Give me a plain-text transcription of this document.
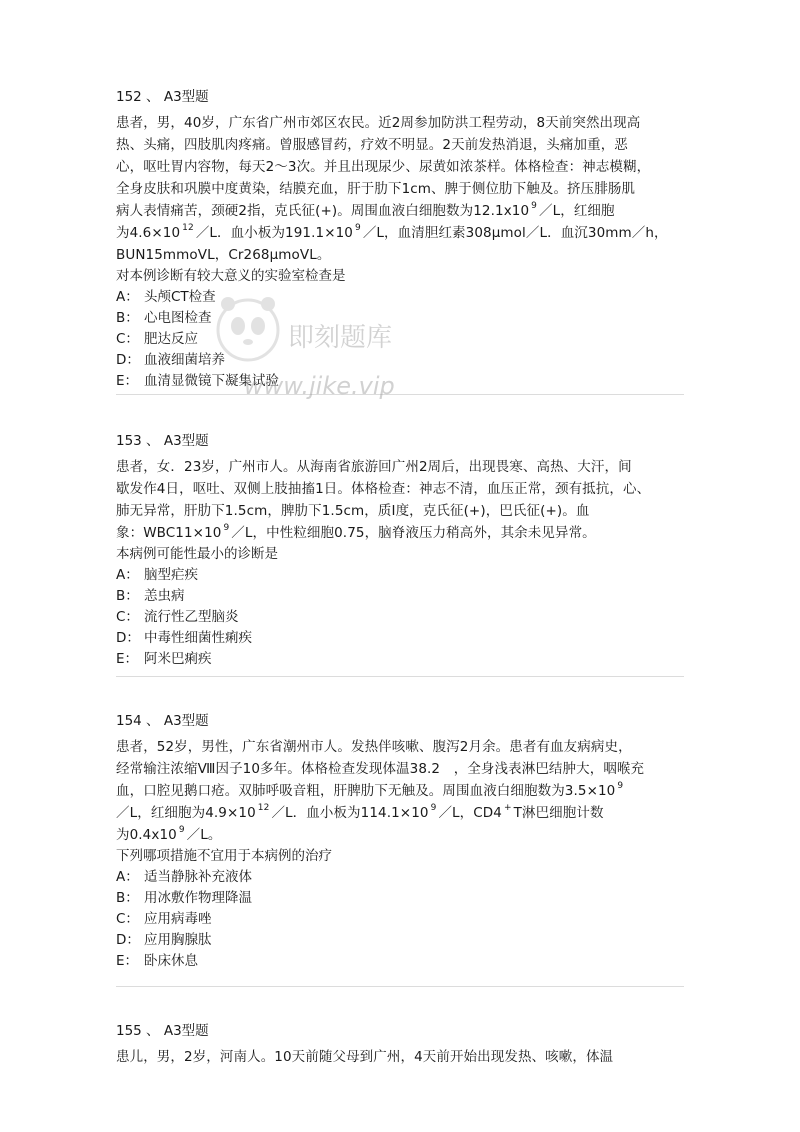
152 、 A3型题
患者，男，40岁，广东省广州市郊区农民。近2周参加防洪工程劳动，8天前突然出现高
热、头痛，四肢肌肉疼痛。曾服感冒药，疗效不明显。2天前发热消退，头痛加重，恶
心，呕吐胃内容物，每天2～3次。并且出现尿少、尿黄如浓茶样。体格检查：神志模糊，
全身皮肤和巩膜中度黄染，结膜充血，肝于肋下1cm、脾于侧位肋下触及。挤压腓肠肌
病人表情痛苦，颈硬2指，克氏征(+)。周围血液白细胞数为12.1x10 $^9$ ／L，红细胞
为4.6×10 $^{12}$ ／L．血小板为191.1×10 $^9$ ／L，血清胆红素308μmol／L．血沉30mm／h，
BUN15mmoVL，Cr268μmoVL。
对本例诊断有较大意义的实验室检查是
A： 头颅CT检查
B： 心电图检查
C： 肥达反应
D： 血液细菌培养
E： 血清显微镜下凝集试验
153 、 A3型题
患者，女．23岁，广州市人。从海南省旅游回广州2周后，出现畏寒、高热、大汗，间
歇发作4日，呕吐、双侧上肢抽搐1日。体格检查：神志不清，血压正常，颈有抵抗，心、
肺无异常，肝肋下1.5cm，脾肋下1.5cm，质I度，克氏征(+)，巴氏征(+)。血
象：WBC11×10 $^9$ ／L，中性粒细胞0.75，脑脊液压力稍高外，其余未见异常。
本病例可能性最小的诊断是
A： 脑型疟疾
B： 恙虫病
C： 流行性乙型脑炎
D： 中毒性细菌性痢疾
E： 阿米巴痢疾
154 、 A3型题
患者，52岁，男性，广东省潮州市人。发热伴咳嗽、腹泻2月余。患者有血友病病史，
经常输注浓缩Ⅷ因子10多年。体格检查发现体温38.2　，全身浅表淋巴结肿大，咽喉充
血，口腔见鹅口疮。双肺呼吸音粗，肝脾肋下无触及。周围血液白细胞数为3.5×10 $^9$
／L，红细胞为4.9×10 $^{12}$ ／L．血小板为114.1×10 $^9$ ／L，CD4 + T淋巴细胞计数
为0.4x10 $^9$ ／L。
下列哪项措施不宜用于本病例的治疗
A： 适当静脉补充液体
B： 用冰敷作物理降温
C： 应用病毒唑
D： 应用胸腺肽
E： 卧床休息
155 、 A3型题
患儿，男，2岁，河南人。10天前随父母到广州，4天前开始出现发热、咳嗽，体温
即刻题库
www.jike.vip
